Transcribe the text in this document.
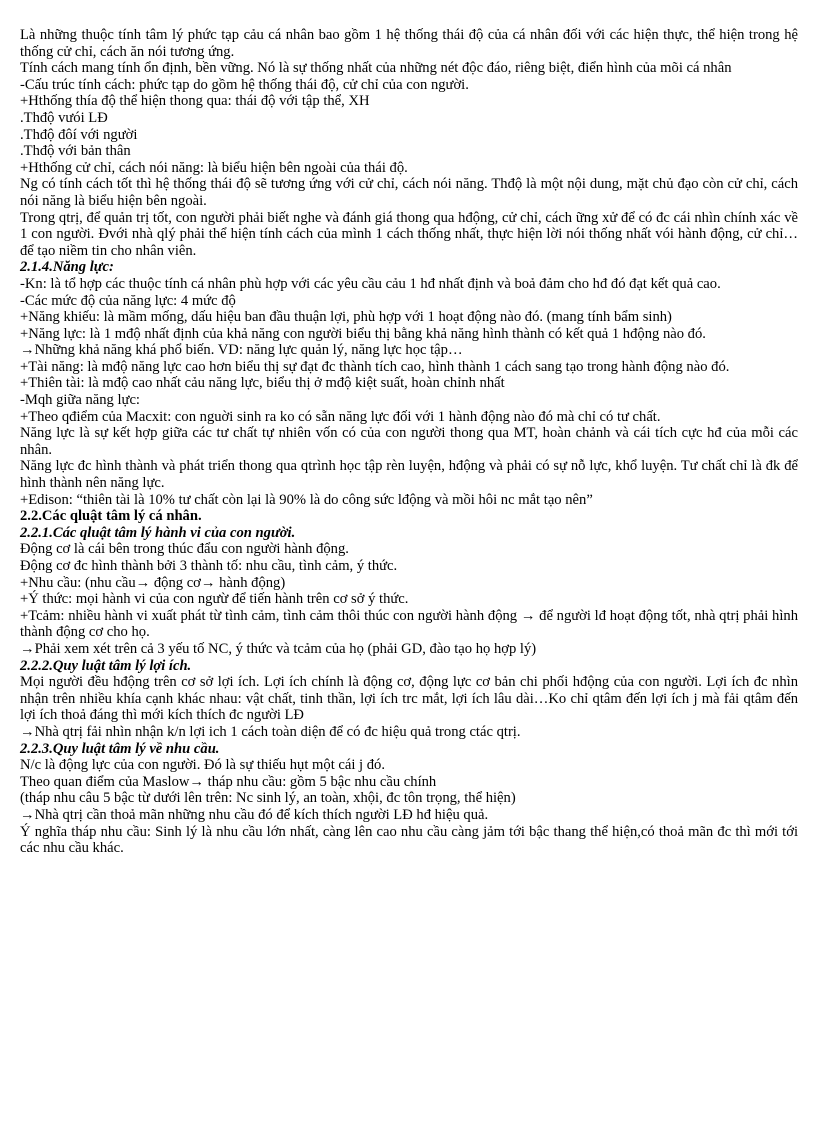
Là những thuộc tính tâm lý phức tạp cảu cá nhân bao gồm 1 hệ thống thái độ của cá nhân đối với các hiện thực, thể hiện trong hệ thống cử chỉ, cách ăn nói tương ứng.

Tính cách mang tính ổn định, bền vững. Nó là sự thống nhất của những nét độc đáo, riêng biệt, điển hình của mõi cá nhân

-Cấu trúc tính cách: phức tạp do gồm hệ thống thái độ, cử chỉ của con người.

+Hthống thía độ thể hiện thong qua: thái độ với tập thể, XH

.Thđộ vưói LĐ

.Thđộ đôí với người

.Thđộ với bản thân

+Hthống cử chỉ, cách nói năng: là biểu hiện bên ngoài của thái độ.

Ng có tính cách tốt thì hệ thống thái độ sẽ tương ứng với cử chỉ, cách nói năng. Thđộ là một nội dung, mặt chủ đạo còn cử chỉ, cách nói năng là biểu hiện bên ngoài.

Trong qtrị, để quản trị tốt, con người phải biết nghe và đánh giá thong qua hđộng, cử chỉ, cách ững xử để có đc cái nhìn chính xác về 1 con người. Đvới nhà qlý phải thể hiện tính cách của mình 1 cách thống nhất, thực hiện lời nói thống nhất vói hành động, cử chỉ…để tạo niềm tin cho nhân viên.

2.1.4.Năng lực:

-Kn: là tổ hợp các thuộc tính cá nhân phù hợp với các yêu cầu cảu 1 hđ nhất định và boả đảm cho hđ đó đạt kết quả cao.

-Các mức độ của năng lực: 4 mức độ

+Năng khiếu: là mầm mống, dấu hiệu ban đầu thuận lợi, phù hợp với 1 hoạt động nào đó. (mang tính bẩm sinh)

+Năng lực: là 1 mđộ nhất định của khả năng con người biểu thị bằng khả năng hình thành có kết quả 1 hđộng nào đó.

→Những khả năng khá phổ biến. VD: năng lực quản lý, năng lực học tập…

+Tài năng: là mđộ năng lực cao hơn biểu thị sự đạt đc thành tích cao, hình thành 1 cách sang tạo trong hành động nào đó.

+Thiên tài: là mđộ cao nhất cảu năng lực, biểu thị ở mđộ kiệt suất, hoàn chỉnh nhất

-Mqh giữa năng lực:

+Theo qđiểm của Macxit: con nguời sinh ra ko có sẵn năng lực đối với 1 hành động nào đó mà chỉ có tư chất.

Năng lực là sự kết hợp giữa các tư chất tự nhiên vốn có của con người thong qua MT, hoàn chảnh và cái tích cực hđ của mỗi các nhân.

Năng lực đc hình thành và phát triển thong qua qtrình học tập rèn luyện, hđộng và phải có sự nỗ lực, khổ luyện. Tư chất chỉ là đk để hình thành nên năng lực.

+Edison: “thiên tài là 10% tư chất còn lại là 90% là do công sức lđộng và mồi hôi nc mắt tạo nên”

2.2.Các qluật tâm lý cá nhân.

2.2.1.Các qluật tâm lý hành vi của con người.

Động cơ là cái bên trong thúc đẩu con người hành động.

Động cơ đc hình thành bởi 3 thành tố: nhu cầu, tình cảm, ý thức.

+Nhu cầu: (nhu cầu→ động cơ→ hành động)

+Ý thức: mọi hành vi của con ngưừ để tiến hành trên cơ sở ý thức.

+Tcảm: nhiều hành vi xuất phát từ tình cảm, tình cảm thôi thúc con người hành động → để người lđ hoạt động tốt, nhà qtrị phải hình thành động cơ cho họ.

→Phải xem xét trên cả 3 yếu tố NC, ý thức và tcảm của họ (phải GD, đào tạo họ hợp lý)

2.2.2.Quy luật tâm lý lợi ích.

Mọi người đều hđộng trên cơ sở lợi ích. Lợi ích chính là động cơ, động lực cơ bản chi phối hđộng của con người. Lợi ích đc nhìn nhận trên nhiều khía cạnh khác nhau: vật chất, tinh thần, lợi ích trc mắt, lợi ích lâu dài…Ko chỉ qtâm đến lợi ích j mà fải qtâm đến lợi ích thoả đáng thì mới kích thích đc người LĐ

→Nhà qtrị fải nhìn nhận k/n lợi ich 1 cách toàn diện để có đc hiệu quả trong ctác qtrị.

2.2.3.Quy luật tâm lý về nhu cầu.

N/c là động lực của con người. Đó là sự thiếu hụt một cái j đó.

Theo quan điểm của Maslow→ tháp nhu cầu: gồm 5 bậc nhu cầu chính

(tháp nhu câu 5 bậc từ dưới lên trên: Nc sinh lý, an toàn, xhội, đc tôn trọng, thể hiện)

→Nhà qtrị cần thoả mãn những nhu cầu đó để kích thích người LĐ hđ hiệu quả.

Ý nghĩa tháp nhu cầu: Sinh lý là nhu cầu lớn nhất, càng lên cao nhu cầu càng jảm tới bậc thang thể hiện,có thoả mãn đc thì mới tới các nhu cầu khác.
